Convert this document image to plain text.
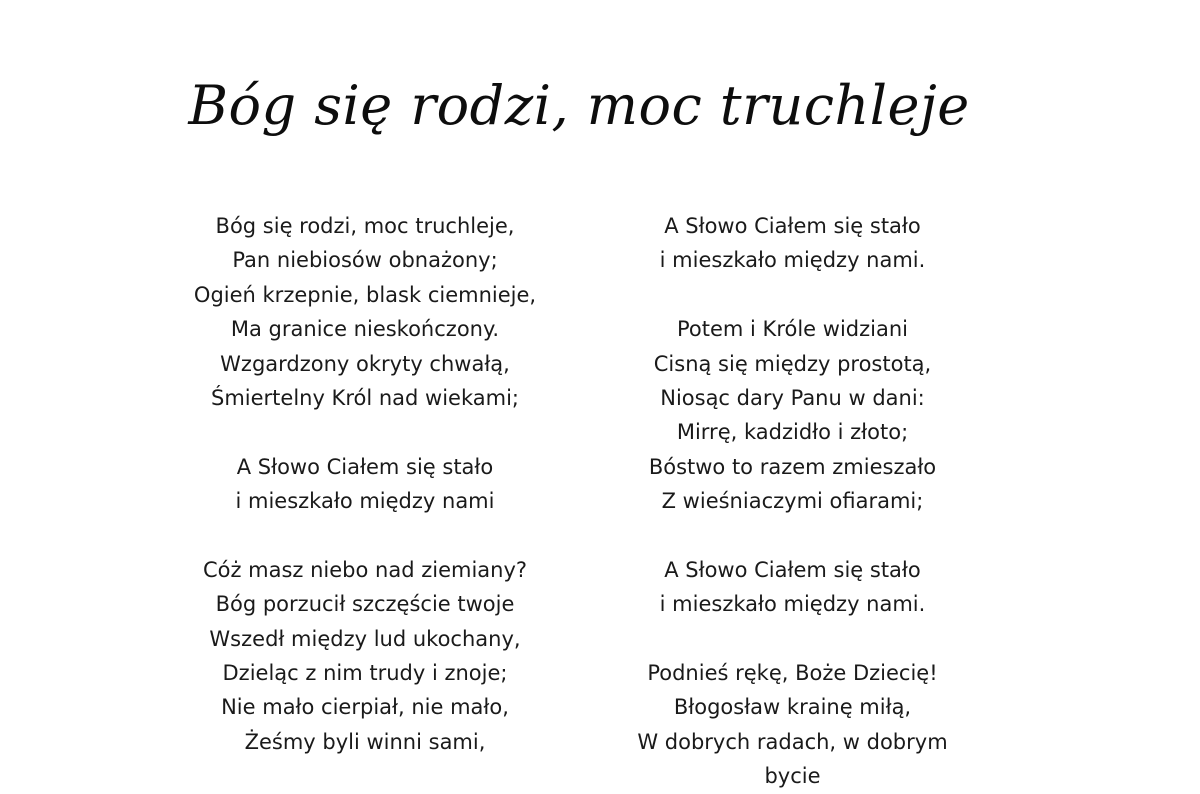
Bóg się rodzi, moc truchleje
Bóg się rodzi, moc truchleje,
Pan niebiosów obnażony;
Ogień krzepnie, blask ciemnieje,
Ma granice nieskończony.
Wzgardzony okryty chwałą,
Śmiertelny Król nad wiekami;
A Słowo Ciałem się stało
i mieszkało między nami
Cóż masz niebo nad ziemiany?
Bóg porzucił szczęście twoje
Wszedł między lud ukochany,
Dzieląc z nim trudy i znoje;
Nie mało cierpiał, nie mało,
Żeśmy byli winni sami,
A Słowo Ciałem się stało
i mieszkało między nami.
Potem i Króle widziani
Cisną się między prostotą,
Niosąc dary Panu w dani:
Mirrę, kadzidło i złoto;
Bóstwo to razem zmieszało
Z wieśniaczymi ofiarami;
A Słowo Ciałem się stało
i mieszkało między nami.
Podnieś rękę, Boże Dziecię!
Błogosław krainę miłą,
W dobrych radach, w dobrym
bycie
